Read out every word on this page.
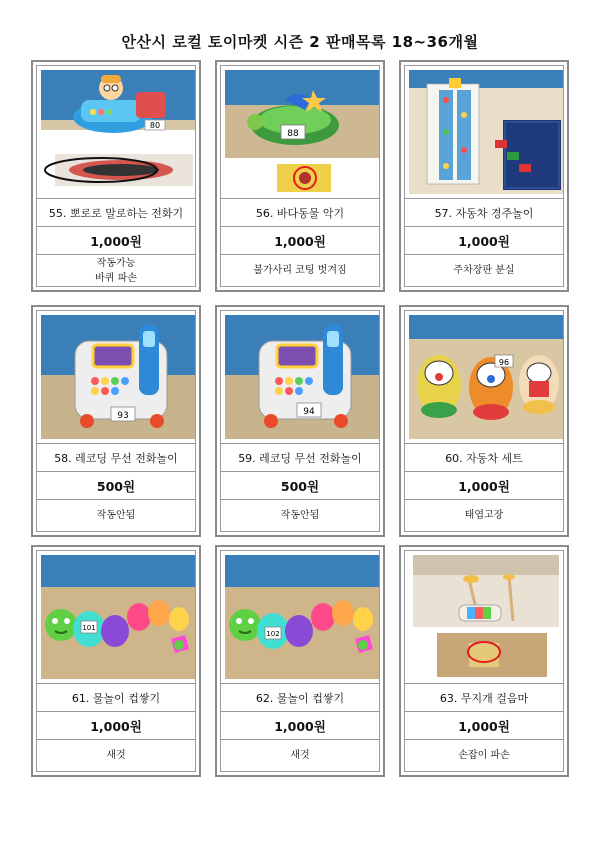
안산시 로컬 토이마켓 시즌 2 판매목록 18~36개월
80
55. 뽀로로 말로하는 전화기
1,000원
작동가능
바퀴 파손
88
56. 바다동물 악기
1,000원
불가사리 코팅 벗겨짐
57. 자동차 경주놀이
1,000원
주차장판 분실
93
58. 레코딩 무선 전화놀이
500원
작동안됨
94
59. 레코딩 무선 전화놀이
500원
작동안됨
96
60. 자동차 세트
1,000원
태엽고장
101
61. 물놀이 컵쌓기
1,000원
새것
102
62. 물놀이 컵쌓기
1,000원
새것
63. 무지개 걸음마
1,000원
손잡이 파손
